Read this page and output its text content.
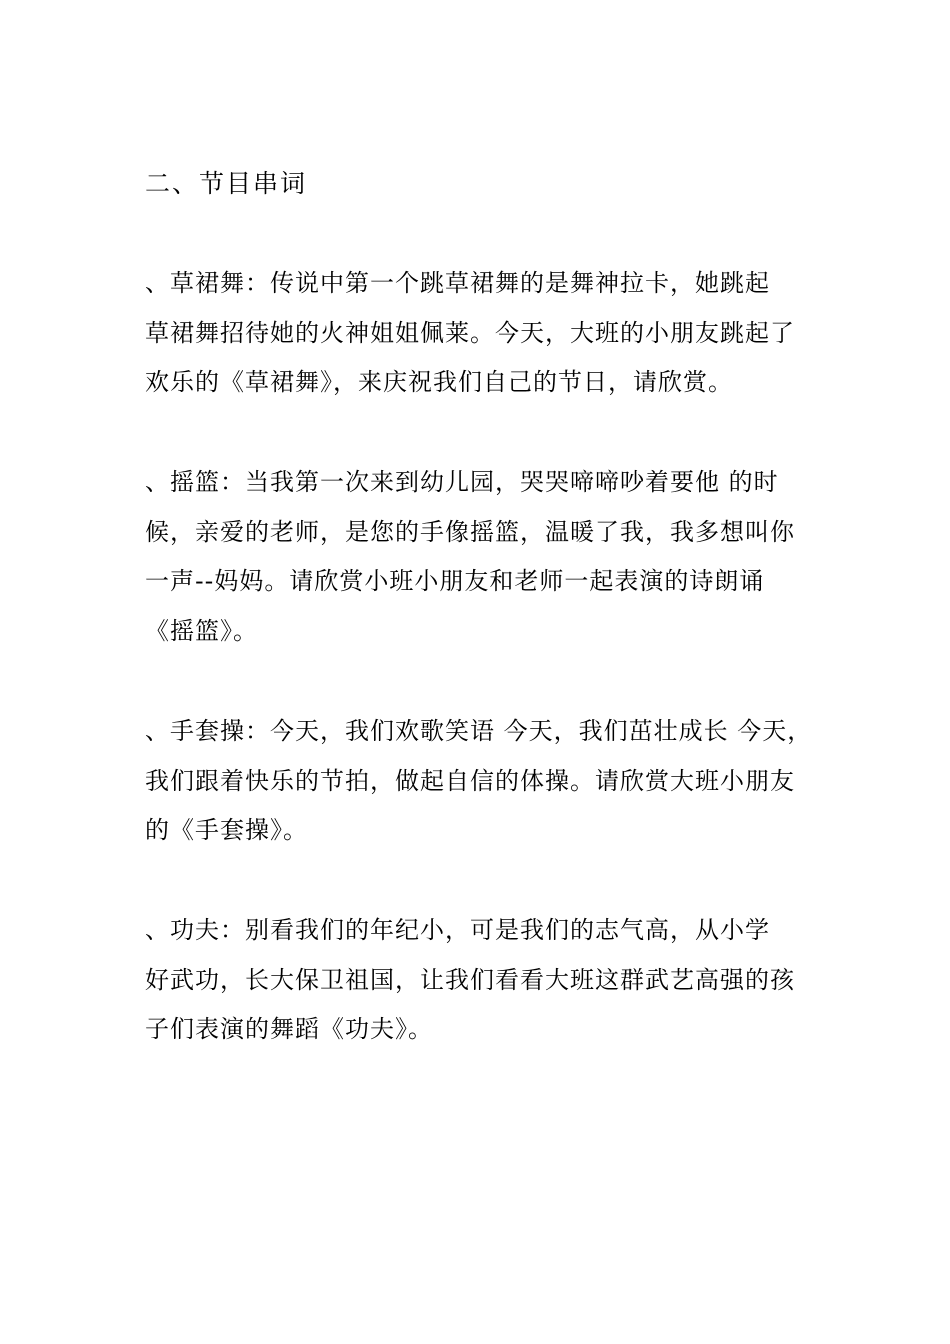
二、节目串词
、草裙舞：传说中第一个跳草裙舞的是舞神拉卡，她跳起
草裙舞招待她的火神姐姐佩莱。今天，大班的小朋友跳起了
欢乐的《草裙舞》，来庆祝我们自己的节日，请欣赏。
、摇篮：当我第一次来到幼儿园，哭哭啼啼吵着要他 的时
候，亲爱的老师，是您的手像摇篮，温暖了我，我多想叫你
一声--妈妈。请欣赏小班小朋友和老师一起表演的诗朗诵
《摇篮》。
、手套操：今天，我们欢歌笑语 今天，我们茁壮成长 今天，
我们跟着快乐的节拍，做起自信的体操。请欣赏大班小朋友
的《手套操》。
、功夫：别看我们的年纪小，可是我们的志气高，从小学
好武功，长大保卫祖国，让我们看看大班这群武艺高强的孩
子们表演的舞蹈《功夫》。
